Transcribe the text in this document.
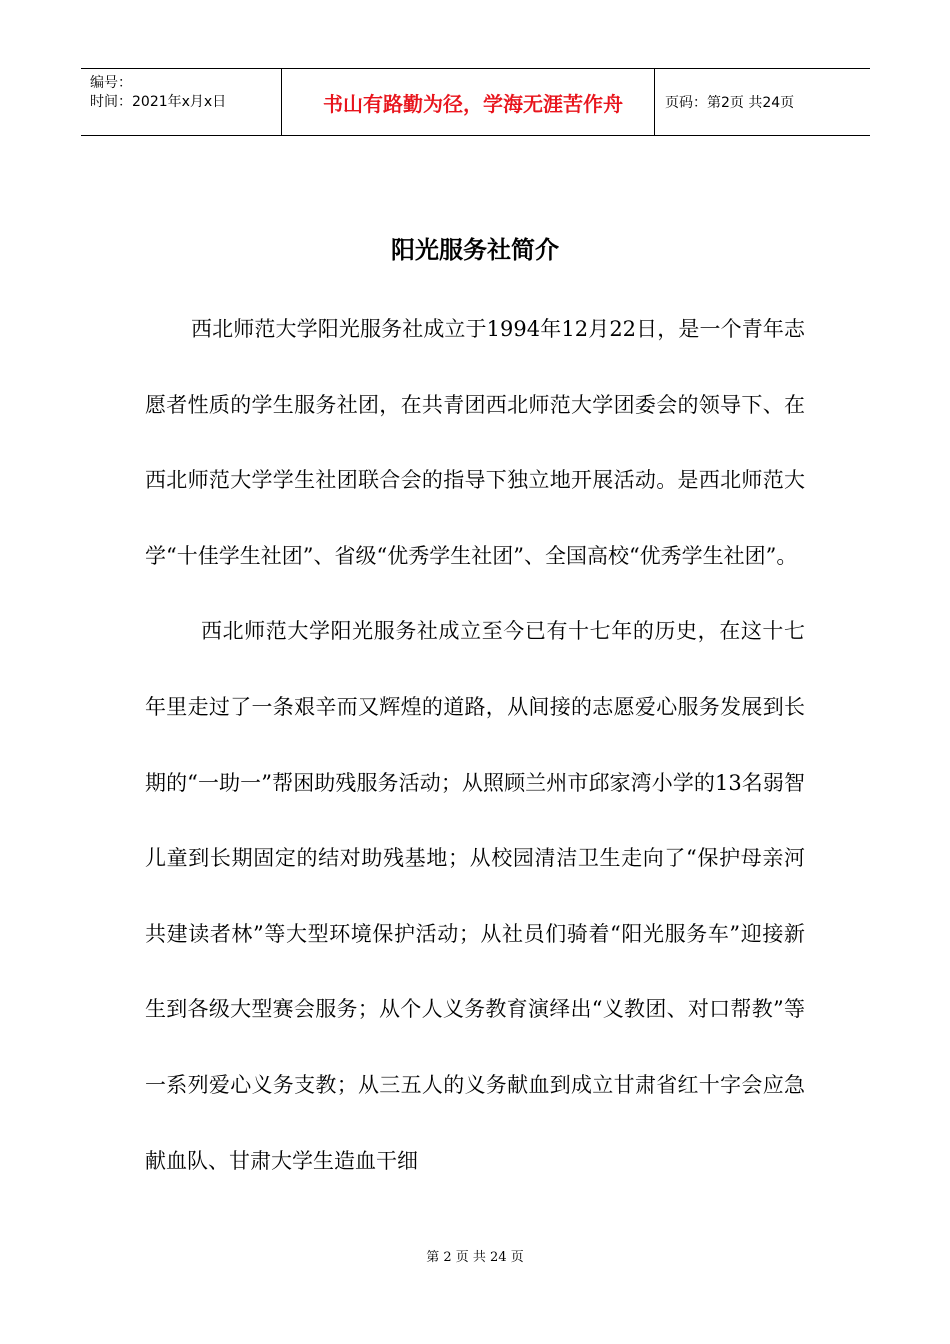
编号：
时间：2021年x月x日	书山有路勤为径，学海无涯苦作舟	页码：第2页 共24页
阳光服务社简介

西北师范大学阳光服务社成立于1994年12月22日，是一个青年志愿者性质的学生服务社团，在共青团西北师范大学团委会的领导下、在西北师范大学学生社团联合会的指导下独立地开展活动。是西北师范大学“十佳学生社团”、省级“优秀学生社团”、全国高校“优秀学生社团”。

西北师范大学阳光服务社成立至今已有十七年的历史，在这十七年里走过了一条艰辛而又辉煌的道路，从间接的志愿爱心服务发展到长期的“一助一”帮困助残服务活动；从照顾兰州市邱家湾小学的13名弱智儿童到长期固定的结对助残基地；从校园清洁卫生走向了“保护母亲河 共建读者林”等大型环境保护活动；从社员们骑着“阳光服务车”迎接新生到各级大型赛会服务；从个人义务教育演绎出“义教团、对口帮教”等一系列爱心义务支教；从三五人的义务献血到成立甘肃省红十字会应急献血队、甘肃大学生造血干细

第 2 页 共 24 页
